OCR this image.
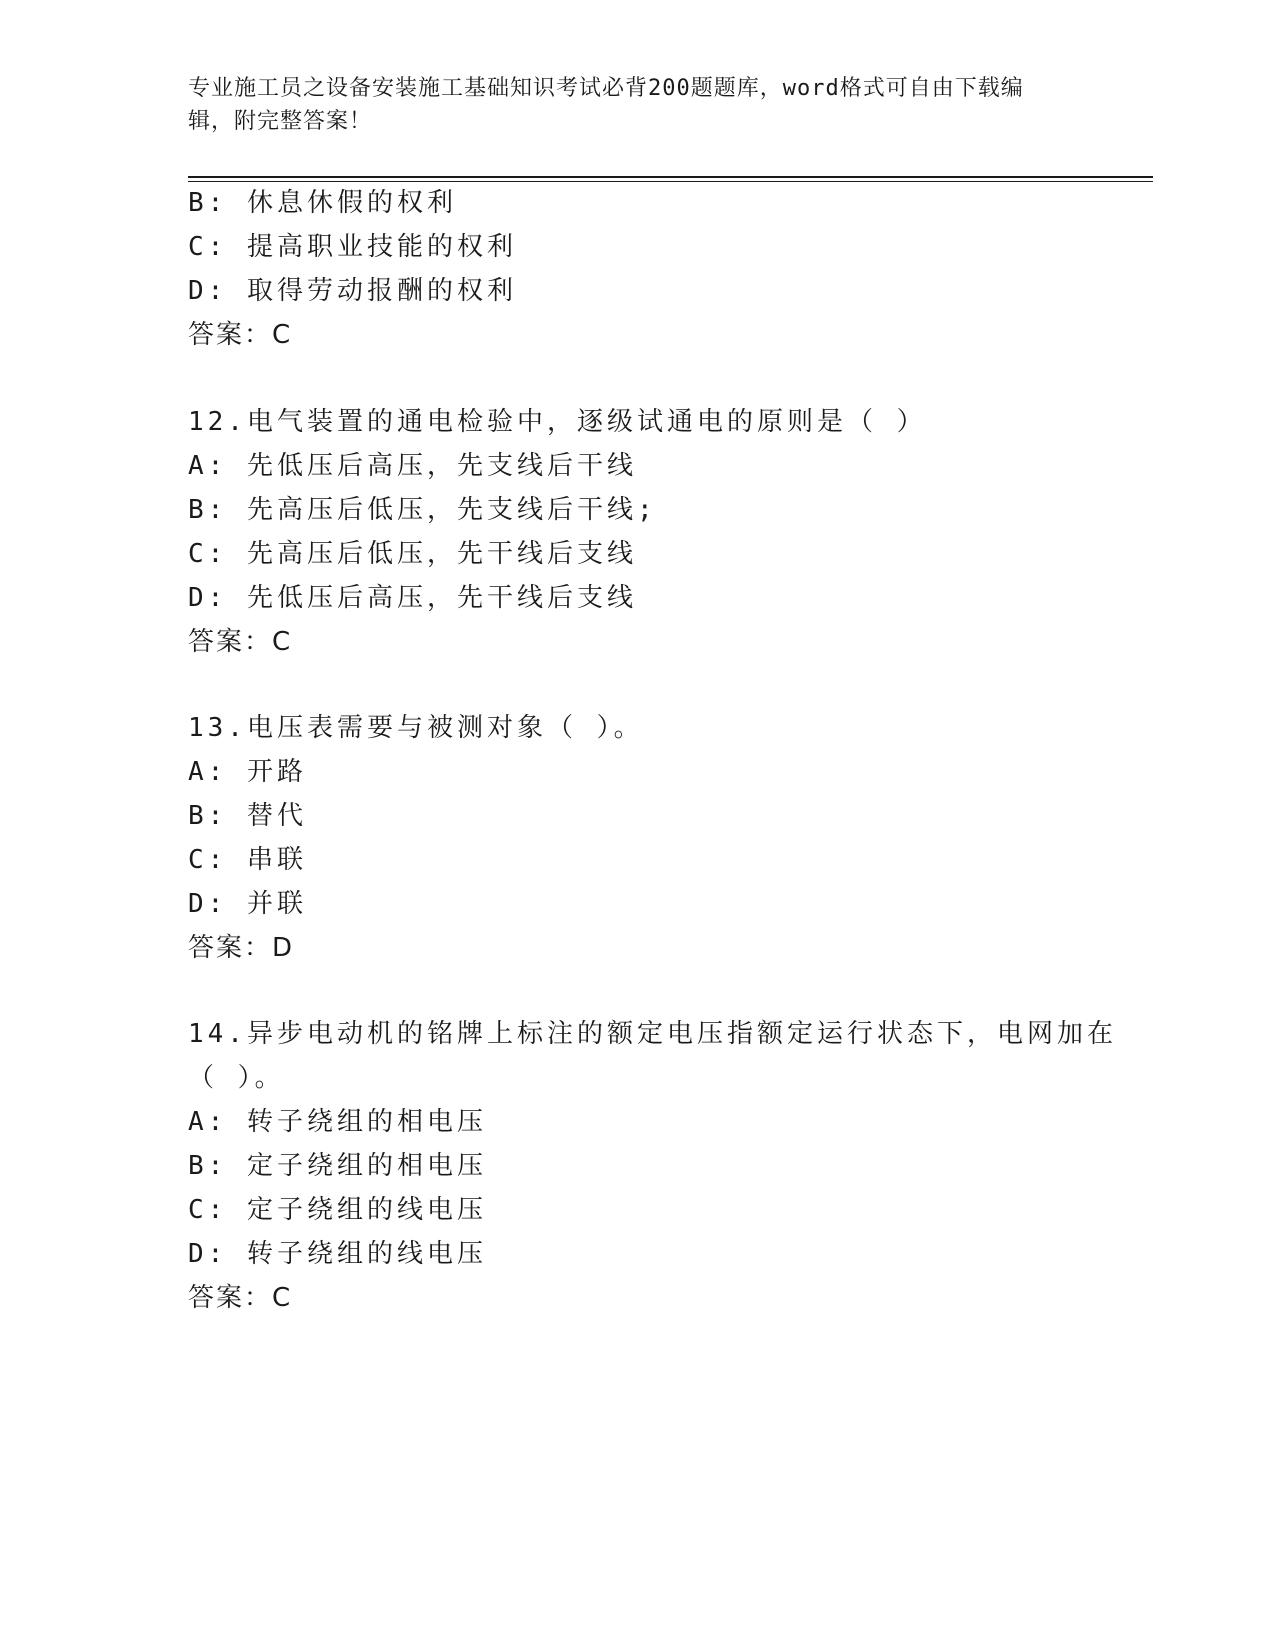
专业施工员之设备安装施工基础知识考试必背200题题库，word格式可自由下载编辑，附完整答案！
B: 休息休假的权利
C: 提高职业技能的权利
D: 取得劳动报酬的权利
答案：C
12.电气装置的通电检验中，逐级试通电的原则是（ ）
A: 先低压后高压，先支线后干线
B: 先高压后低压，先支线后干线;
C: 先高压后低压，先干线后支线
D: 先低压后高压，先干线后支线
答案：C
13.电压表需要与被测对象（ ）。
A: 开路
B: 替代
C: 串联
D: 并联
答案：D
14.异步电动机的铭牌上标注的额定电压指额定运行状态下，电网加在
（ ）。
A: 转子绕组的相电压
B: 定子绕组的相电压
C: 定子绕组的线电压
D: 转子绕组的线电压
答案：C
